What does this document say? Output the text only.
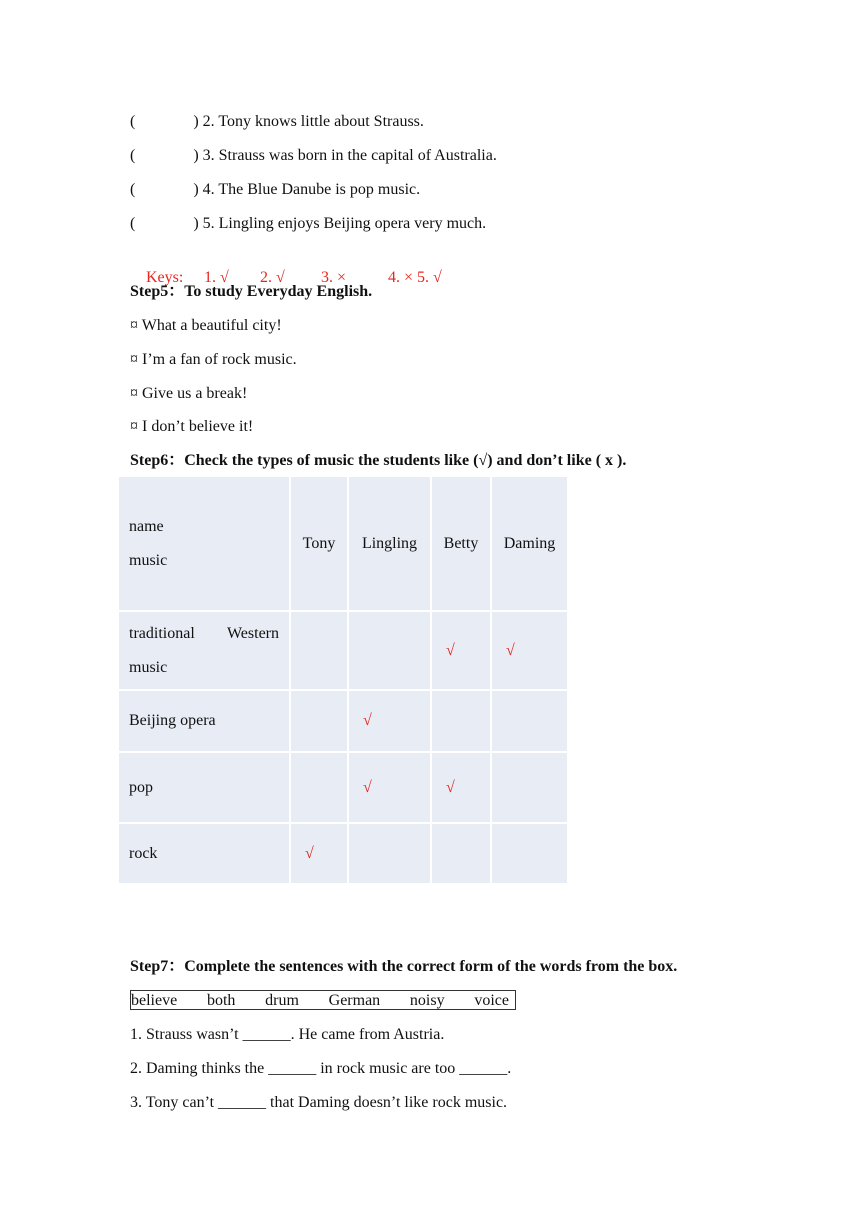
(	) 2. Tony knows little about Strauss.
(	) 3. Strauss was born in the capital of Australia.
(	) 4. The Blue Danube is pop music.
(	) 5. Lingling enjoys Beijing opera very much.

Keys: 1. √ 2. √ 3. ×	4. × 5. √

Step5：To study Everyday English.
¤ What a beautiful city!
¤ I’m a fan of rock music.
¤ Give us a break!
¤ I don’t believe it!
Step6：Check the types of music the students like (√) and don’t like ( x ).
name
music	Tony	Lingling	Betty	Daming

traditional Western
music			√	√
Beijing opera		√		
pop		√	√	
rock	√			
Step7：Complete the sentences with the correct form of the words from the box.
believe both drum German noisy voice
1. Strauss wasn’t ______. He came from Austria.
2. Daming thinks the ______ in rock music are too ______.
3. Tony can’t ______ that Daming doesn’t like rock music.
